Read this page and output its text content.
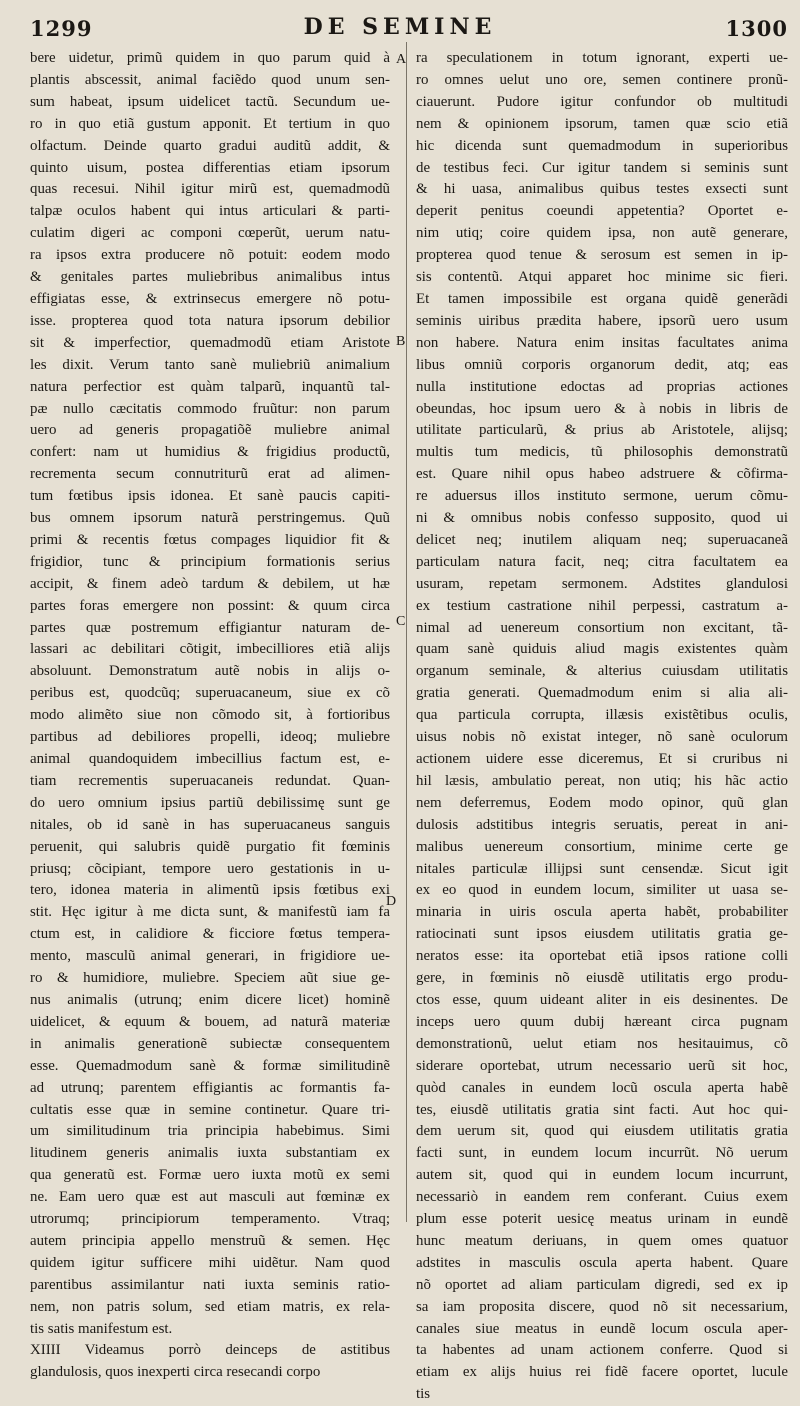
1299	DE SEMINE	1300
A
B
C
D
bere uidetur, primũ quidem in quo parum quid à
plantis abscessit, animal faciẽdo quod unum sen-
sum habeat, ipsum uidelicet tactũ. Secundum ue-
ro in quo etiã gustum apponit. Et tertium in quo
olfactum. Deinde quarto gradui auditũ addit, &
quinto uisum, postea differentias etiam ipsorum
quas recesui. Nihil igitur mirũ est, quemadmodũ
talpæ oculos habent qui intus articulari & parti-
culatim digeri ac componi cœperũt, uerum natu-
ra ipsos extra producere nõ potuit: eodem modo
& genitales partes muliebribus animalibus intus
effigiatas esse, & extrinsecus emergere nõ potu-
isse. propterea quod tota natura ipsorum debilior
sit & imperfectior, quemadmodũ etiam Aristote
les dixit. Verum tanto sanè muliebriũ animalium
natura perfectior est quàm talparũ, inquantũ tal-
pæ nullo cæcitatis commodo fruũtur: non parum
uero ad generis propagatiõẽ muliebre animal
confert: nam ut humidius & frigidius productũ,
recrementa secum connutriturũ erat ad alimen-
tum fœtibus ipsis idonea. Et sanè paucis capiti-
bus omnem ipsorum naturã perstringemus. Quũ
primi & recentis fœtus compages liquidior fit &
frigidior, tunc & principium formationis serius
accipit, & finem adeò tardum & debilem, ut hæ
partes foras emergere non possint: & quum circa
partes quæ postremum effigiantur naturam de-
lassari ac debilitari cõtigit, imbecilliores etiã alijs
absoluunt. Demonstratum autẽ nobis in alijs o-
peribus est, quodcũq; superuacaneum, siue ex cõ
modo alimẽto siue non cõmodo sit, à fortioribus
partibus ad debiliores propelli, ideoq; muliebre
animal quandoquidem imbecillius factum est, e-
tiam recrementis superuacaneis redundat. Quan-
do uero omnium ipsius partiũ debilissimę sunt ge
nitales, ob id sanè in has superuacaneus sanguis
peruenit, qui salubris quidẽ purgatio fit fœminis
priusq; cõcipiant, tempore uero gestationis in u-
tero, idonea materia in alimentũ ipsis fœtibus exi
stit. Hęc igitur à me dicta sunt, & manifestũ iam fa
ctum est, in calidiore & ficciore fœtus tempera-
mento, masculũ animal generari, in frigidiore ue-
ro & humidiore, muliebre. Speciem aũt siue ge-
nus animalis (utrunq; enim dicere licet) hominẽ
uidelicet, & equum & bouem, ad naturã materiæ
in animalis generationẽ subiectæ consequentem
esse. Quemadmodum sanè & formæ similitudinẽ
ad utrunq; parentem effigiantis ac formantis fa-
cultatis esse quæ in semine continetur. Quare tri-
um similitudinum tria principia habebimus. Simi
litudinem generis animalis iuxta substantiam ex
qua generatũ est. Formæ uero iuxta motũ ex semi
ne. Eam uero quæ est aut masculi aut fœminæ ex
utrorumq; principiorum temperamento. Vtraq;
autem principia appello menstruũ & semen. Hęc
quidem igitur sufficere mihi uidẽtur. Nam quod
parentibus assimilantur nati iuxta seminis ratio-
nem, non patris solum, sed etiam matris, ex rela-
tis satis manifestum est.
XIIII Videamus porrò deinceps de astitibus
glandulosis, quos inexperti circa resecandi corpo
ra speculationem in totum ignorant, experti ue-
ro omnes uelut uno ore, semen continere pronũ-
ciauerunt. Pudore igitur confundor ob multitudi
nem & opinionem ipsorum, tamen quæ scio etiã
hic dicenda sunt quemadmodum in superioribus
de testibus feci. Cur igitur tandem si seminis sunt
& hi uasa, animalibus quibus testes exsecti sunt
deperit penitus coeundi appetentia? Oportet e-
nim utiq; coire quidem ipsa, non autẽ generare,
propterea quod tenue & serosum est semen in ip-
sis contentũ. Atqui apparet hoc minime sic fieri.
Et tamen impossibile est organa quidẽ generãdi
seminis uiribus prædita habere, ipsorũ uero usum
non habere. Natura enim insitas facultates anima
libus omniũ corporis organorum dedit, atq; eas
nulla institutione edoctas ad proprias actiones
obeundas, hoc ipsum uero & à nobis in libris de
utilitate particularũ, & prius ab Aristotele, alijsq;
multis tum medicis, tũ philosophis demonstratũ
est. Quare nihil opus habeo adstruere & cõfirma-
re aduersus illos instituto sermone, uerum cõmu-
ni & omnibus nobis confesso supposito, quod ui
delicet neq; inutilem aliquam neq; superuacaneã
particulam natura facit, neq; citra facultatem ea
usuram, repetam sermonem. Adstites glandulosi
ex testium castratione nihil perpessi, castratum a-
nimal ad uenereum consortium non excitant, tã-
quam sanè quiduis aliud magis existentes quàm
organum seminale, & alterius cuiusdam utilitatis
gratia generati. Quemadmodum enim si alia ali-
qua particula corrupta, illæsis existẽtibus oculis,
uisus nobis nõ existat integer, nõ sanè oculorum
actionem uidere esse diceremus, Et si cruribus ni
hil læsis, ambulatio pereat, non utiq; his hãc actio
nem deferremus, Eodem modo opinor, quũ glan
dulosis adstitibus integris seruatis, pereat in ani-
malibus uenereum consortium, minime certe ge
nitales particulæ illĳpsi sunt censendæ. Sicut igit
ex eo quod in eundem locum, similiter ut uasa se-
minaria in uiris oscula aperta habẽt, probabiliter
ratiocinati sunt ipsos eiusdem utilitatis gratia ge-
neratos esse: ita oportebat etiã ipsos ratione colli
gere, in fœminis nõ eiusdẽ utilitatis ergo produ-
ctos esse, quum uideant aliter in eis desinentes. De
inceps uero quum dubĳ hæreant circa pugnam
demonstrationũ, uelut etiam nos hesitauimus, cõ
siderare oportebat, utrum necessario uerũ sit hoc,
quòd canales in eundem locũ oscula aperta habẽ
tes, eiusdẽ utilitatis gratia sint facti. Aut hoc qui-
dem uerum sit, quod qui eiusdem utilitatis gratia
facti sunt, in eundem locum incurrũt. Nõ uerum
autem sit, quod qui in eundem locum incurrunt,
necessariò in eandem rem conferant. Cuius exem
plum esse poterit uesicę meatus urinam in eundẽ
hunc meatum deriuans, in quem omes quatuor
adstites in masculis oscula aperta habent. Quare
nõ oportet ad aliam particulam digredi, sed ex ip
sa iam proposita discere, quod nõ sit necessarium,
canales siue meatus in eundẽ locum oscula aper-
ta habentes ad unam actionem conferre. Quod si
etiam ex alijs huius rei fidẽ facere oportet, lucule
tis
